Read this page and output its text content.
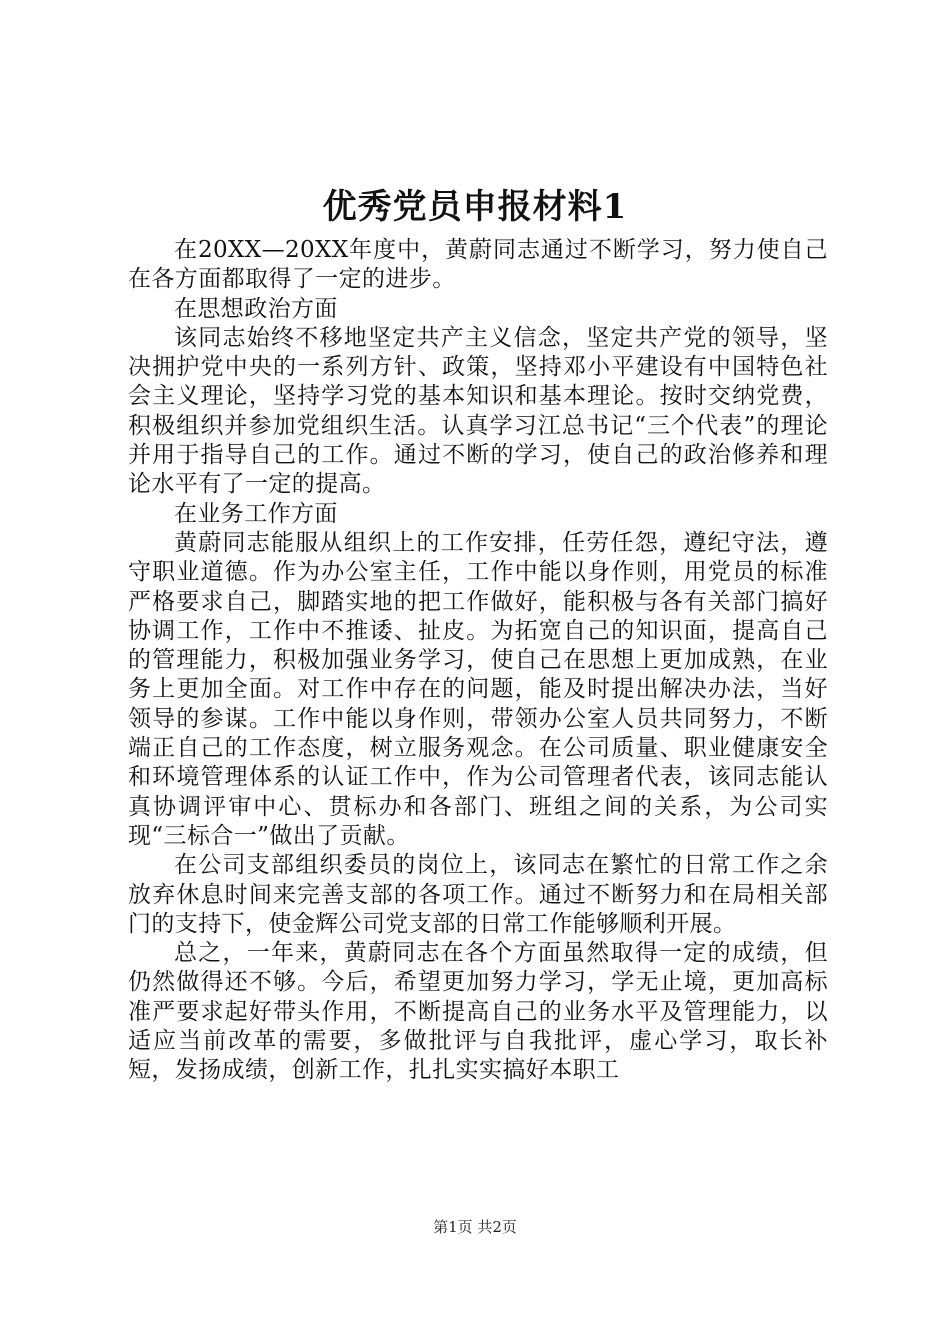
优秀党员申报材料1

在20XX—20XX年度中，黄蔚同志通过不断学习，努力使自己在各方面都取得了一定的进步。

在思想政治方面

该同志始终不移地坚定共产主义信念，坚定共产党的领导，坚决拥护党中央的一系列方针、政策，坚持邓小平建设有中国特色社会主义理论，坚持学习党的基本知识和基本理论。按时交纳党费，积极组织并参加党组织生活。认真学习江总书记“三个代表”的理论并用于指导自己的工作。通过不断的学习，使自己的政治修养和理论水平有了一定的提高。

在业务工作方面

黄蔚同志能服从组织上的工作安排，任劳任怨，遵纪守法，遵守职业道德。作为办公室主任，工作中能以身作则，用党员的标准严格要求自己，脚踏实地的把工作做好，能积极与各有关部门搞好协调工作，工作中不推诿、扯皮。为拓宽自己的知识面，提高自己的管理能力，积极加强业务学习，使自己在思想上更加成熟，在业务上更加全面。对工作中存在的问题，能及时提出解决办法，当好领导的参谋。工作中能以身作则，带领办公室人员共同努力，不断端正自己的工作态度，树立服务观念。在公司质量、职业健康安全和环境管理体系的认证工作中，作为公司管理者代表，该同志能认真协调评审中心、贯标办和各部门、班组之间的关系，为公司实现“三标合一”做出了贡献。

在公司支部组织委员的岗位上，该同志在繁忙的日常工作之余放弃休息时间来完善支部的各项工作。通过不断努力和在局相关部门的支持下，使金辉公司党支部的日常工作能够顺利开展。

总之，一年来，黄蔚同志在各个方面虽然取得一定的成绩，但仍然做得还不够。今后，希望更加努力学习，学无止境，更加高标准严要求起好带头作用，不断提高自己的业务水平及管理能力，以适应当前改革的需要，多做批评与自我批评，虚心学习，取长补短，发扬成绩，创新工作，扎扎实实搞好本职工

第1页 共2页
